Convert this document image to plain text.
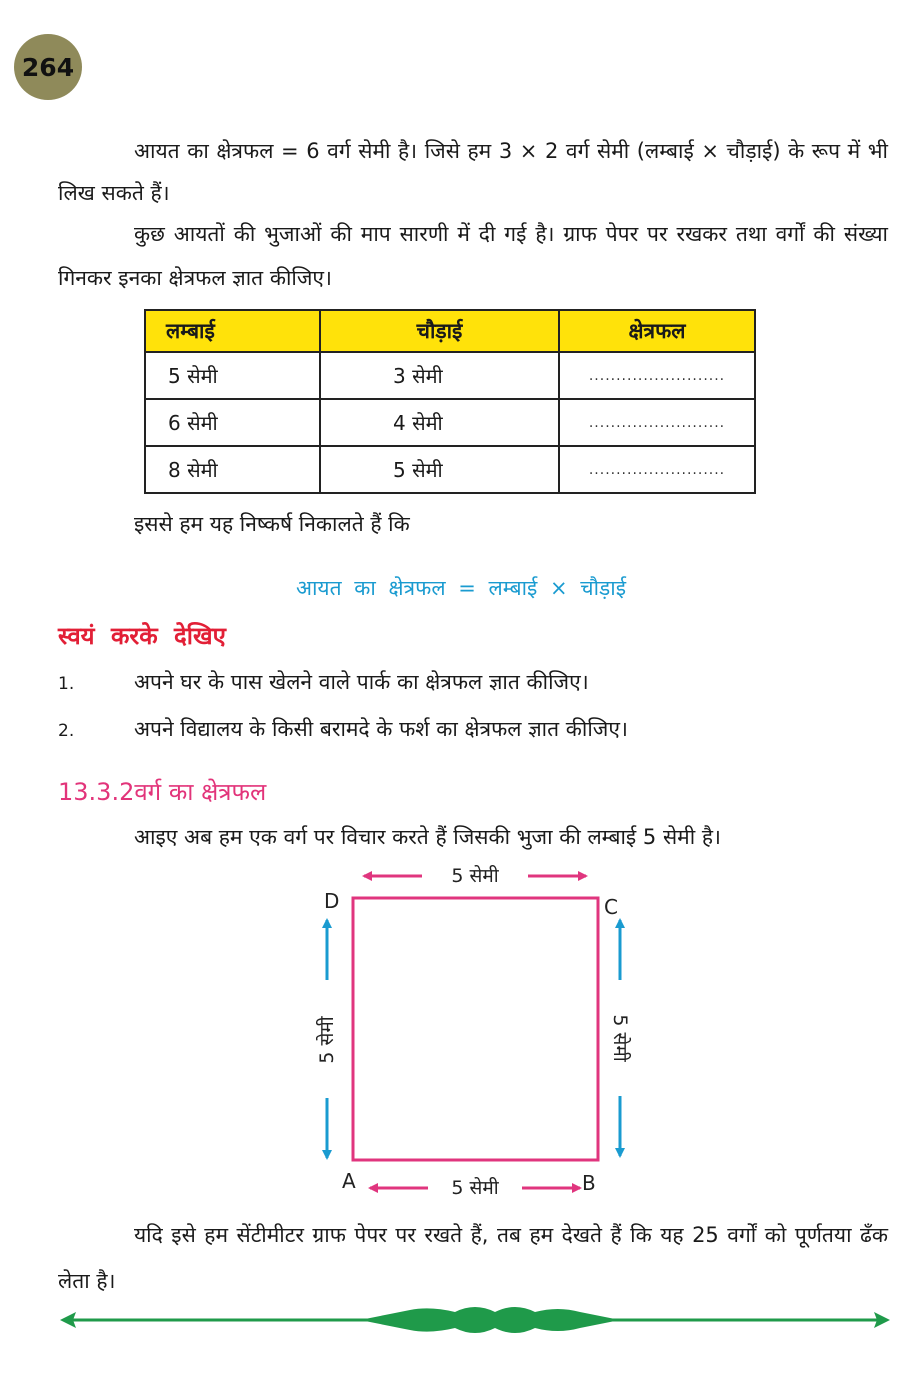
264

आयत का क्षेत्रफल = 6 वर्ग सेमी है। जिसे हम 3 × 2 वर्ग सेमी (लम्बाई × चौड़ाई) के रूप में भी लिख सकते हैं।

कुछ आयतों की भुजाओं की माप सारणी में दी गई है। ग्राफ पेपर पर रखकर तथा वर्गों की संख्या गिनकर इनका क्षेत्रफल ज्ञात कीजिए।

लम्बाई	चौड़ाई	क्षेत्रफल
5 सेमी	3 सेमी	.........................
6 सेमी	4 सेमी	.........................
8 सेमी	5 सेमी	.........................
इससे हम यह निष्कर्ष निकालते हैं कि
आयत का क्षेत्रफल = लम्बाई × चौड़ाई
स्वयं करके देखिए
1.	अपने घर के पास खेलने वाले पार्क का क्षेत्रफल ज्ञात कीजिए।
2.	अपने विद्यालय के किसी बरामदे के फर्श का क्षेत्रफल ज्ञात कीजिए।
13.3.2वर्ग का क्षेत्रफल
आइए अब हम एक वर्ग पर विचार करते हैं जिसकी भुजा की लम्बाई 5 सेमी है।
5 सेमी
5 सेमी
5 सेमी	5 सेमी
D	C
A	B

यदि इसे हम सेंटीमीटर ग्राफ पेपर पर रखते हैं, तब हम देखते हैं कि यह 25 वर्गों को पूर्णतया ढँक लेता है।
